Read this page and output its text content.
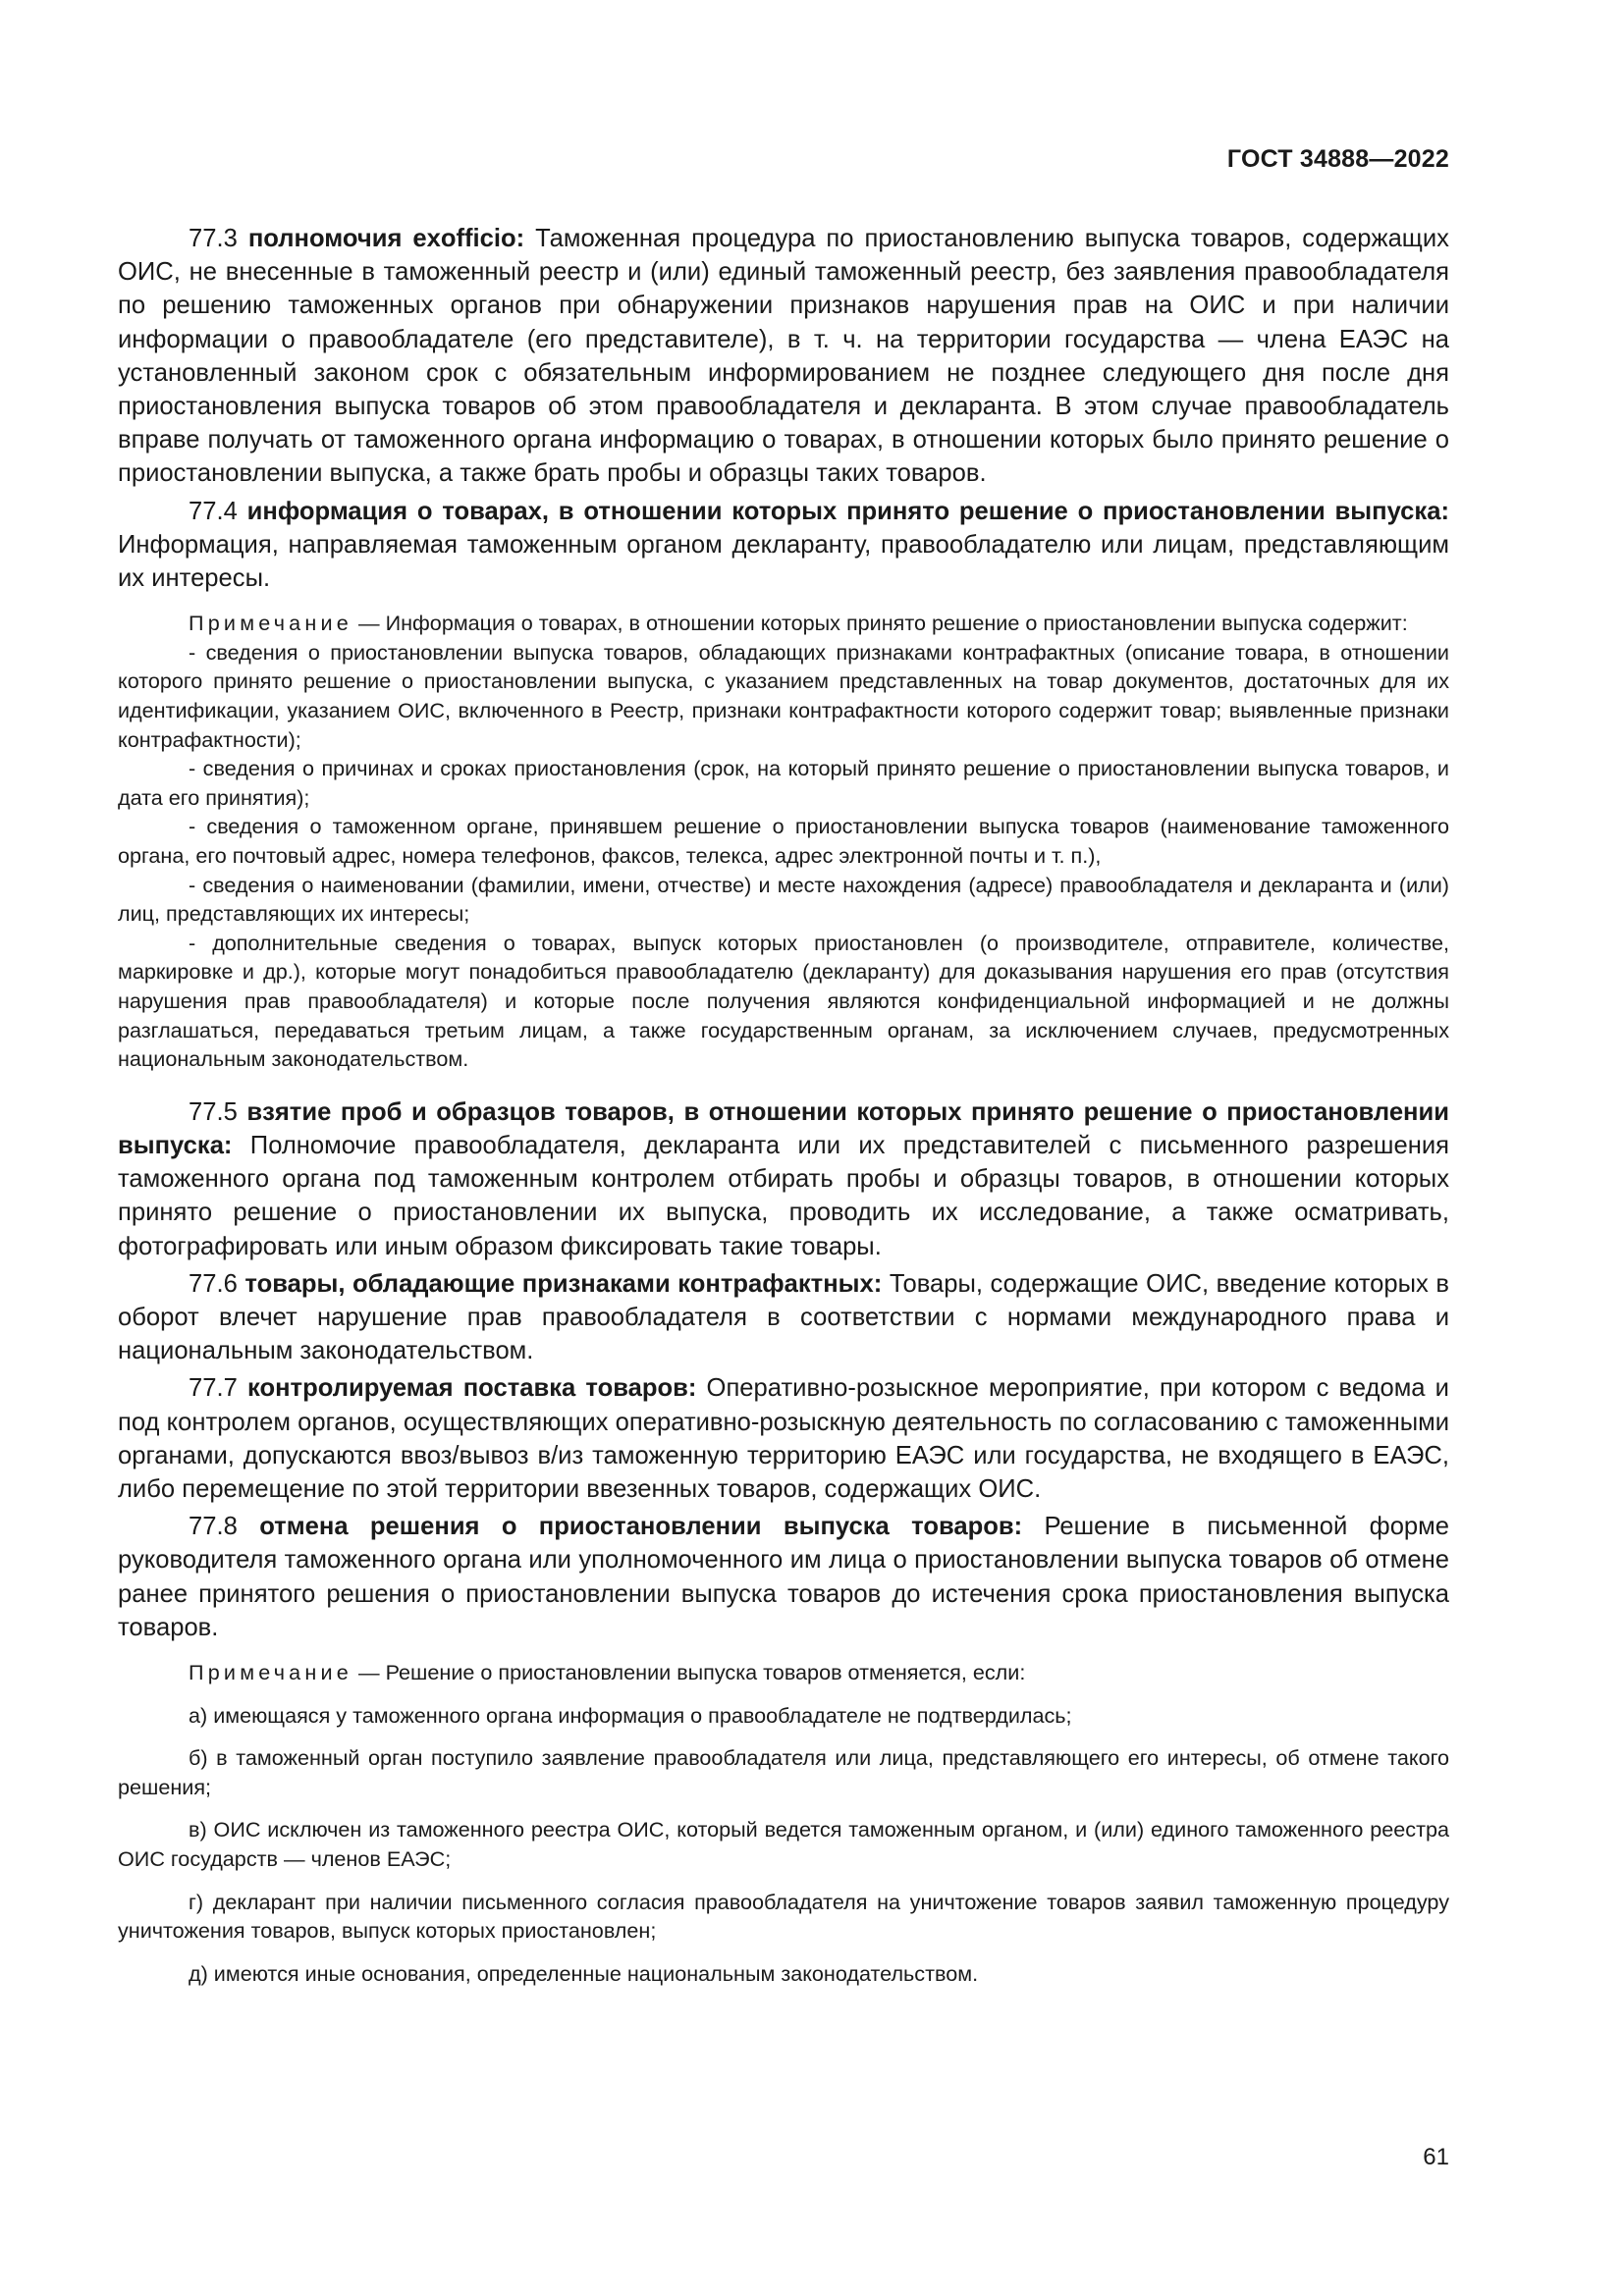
ГОСТ 34888—2022

77.3 полномочия exofficio: Таможенная процедура по приостановлению выпуска товаров, содержащих ОИС, не внесенные в таможенный реестр и (или) единый таможенный реестр, без заявления правообладателя по решению таможенных органов при обнаружении признаков нарушения прав на ОИС и при наличии информации о правообладателе (его представителе), в т. ч. на территории государства — члена ЕАЭС на установленный законом срок с обязательным информированием не позднее следующего дня после дня приостановления выпуска товаров об этом правообладателя и декларанта. В этом случае правообладатель вправе получать от таможенного органа информацию о товарах, в отношении которых было принято решение о приостановлении выпуска, а также брать пробы и образцы таких товаров.

77.4 информация о товарах, в отношении которых принято решение о приостановлении выпуска: Информация, направляемая таможенным органом декларанту, правообладателю или лицам, представляющим их интересы.

Примечание — Информация о товарах, в отношении которых принято решение о приостановлении выпуска содержит:

- сведения о приостановлении выпуска товаров, обладающих признаками контрафактных (описание товара, в отношении которого принято решение о приостановлении выпуска, с указанием представленных на товар документов, достаточных для их идентификации, указанием ОИС, включенного в Реестр, признаки контрафактности которого содержит товар; выявленные признаки контрафактности);

- сведения о причинах и сроках приостановления (срок, на который принято решение о приостановлении выпуска товаров, и дата его принятия);

- сведения о таможенном органе, принявшем решение о приостановлении выпуска товаров (наименование таможенного органа, его почтовый адрес, номера телефонов, факсов, телекса, адрес электронной почты и т. п.),

- сведения о наименовании (фамилии, имени, отчестве) и месте нахождения (адресе) правообладателя и декларанта и (или) лиц, представляющих их интересы;

- дополнительные сведения о товарах, выпуск которых приостановлен (о производителе, отправителе, количестве, маркировке и др.), которые могут понадобиться правообладателю (декларанту) для доказывания нарушения его прав (отсутствия нарушения прав правообладателя) и которые после получения являются конфиденциальной информацией и не должны разглашаться, передаваться третьим лицам, а также государственным органам, за исключением случаев, предусмотренных национальным законодательством.

77.5 взятие проб и образцов товаров, в отношении которых принято решение о приостановлении выпуска: Полномочие правообладателя, декларанта или их представителей с письменного разрешения таможенного органа под таможенным контролем отбирать пробы и образцы товаров, в отношении которых принято решение о приостановлении их выпуска, проводить их исследование, а также осматривать, фотографировать или иным образом фиксировать такие товары.

77.6 товары, обладающие признаками контрафактных: Товары, содержащие ОИС, введение которых в оборот влечет нарушение прав правообладателя в соответствии с нормами международного права и национальным законодательством.

77.7 контролируемая поставка товаров: Оперативно-розыскное мероприятие, при котором с ведома и под контролем органов, осуществляющих оперативно-розыскную деятельность по согласованию с таможенными органами, допускаются ввоз/вывоз в/из таможенную территорию ЕАЭС или государства, не входящего в ЕАЭС, либо перемещение по этой территории ввезенных товаров, содержащих ОИС.

77.8 отмена решения о приостановлении выпуска товаров: Решение в письменной форме руководителя таможенного органа или уполномоченного им лица о приостановлении выпуска товаров об отмене ранее принятого решения о приостановлении выпуска товаров до истечения срока приостановления выпуска товаров.

Примечание — Решение о приостановлении выпуска товаров отменяется, если:

а) имеющаяся у таможенного органа информация о правообладателе не подтвердилась;

б) в таможенный орган поступило заявление правообладателя или лица, представляющего его интересы, об отмене такого решения;

в) ОИС исключен из таможенного реестра ОИС, который ведется таможенным органом, и (или) единого таможенного реестра ОИС государств — членов ЕАЭС;

г) декларант при наличии письменного согласия правообладателя на уничтожение товаров заявил таможенную процедуру уничтожения товаров, выпуск которых приостановлен;

д) имеются иные основания, определенные национальным законодательством.

61
